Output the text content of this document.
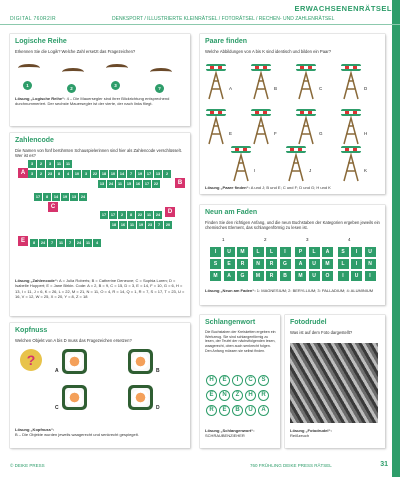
ERWACHSENENRÄTSEL
DIGITAL 760R2IR	DENKSPORT / ILLUSTRIERTE KLEINRÄTSEL / FOTORÄTSEL / RECHEN- UND ZAHLENRÄTSEL
Logische Reihe
Erkennen Sie die Logik? Welche Zahl ersetzt das Fragezeichen?
1
2
3
?
Lösung „Logische Reihe“: 4 – Die Mauersegler sind ihrer Blickrichtung entsprechend durchnummeriert. Der sechste Mauersegler ist der vierte, der nach links fliegt.
Paare finden
Welche Abbildungen von A bis K sind identisch und bilden ein Paar?
A	B	C	D
E	F	G	H
I	J	K
Lösung „Paare finden“: A und J; B und E; C und F; D und G; H und K
Zahlencode
Die Namen von fünf berühmten Schauspielerinnen sind hier als Zahlencode verschlüsselt. Wer ist es?
3 2 3 11 11
3 2 23 8 4 10 3 22 18 10 14 7 19 17 13 2
13 24 11 15 16 17 22
17 8 14 19 13 24
17 17 2 8 22 11 24
18 16 11 19 23 7 20
8 24 7 11 7 24 11 4
A
B
C
D
E
Lösung „Zahlencode“: A = Julia Roberts; B = Catherine Deneuve; C = Sophia Loren; D = Isabelle Huppert; E = Jane Birkin. Code: A = 2, B = 9, C = 15, D = 3, E = 14, F = 10, G = 6, H = 13, I = 11, J = 6, K = 26, L = 22, M = 21, N = 11, O = 4, R = 14, Q = 1, R = 7, S = 17, T = 23, U = 16, V = 12, W = 25, X = 20, Y = 8, Z = 18
Neun am Faden
Finden Sie den richtigen Anfang, und die neun Buchstaben der Kategorien ergeben jeweils ein chemisches Element, das schlangenförmig zu lesen ist.
1	2	3	4
I	U	M	L	L	I	P	L	A	S	I	U
S	E	R	N	R	G	A	U	M	L	I	N
M	A	G	M	R	B	M	U	O	I	U	I
Lösung „Neun am Faden“: 1: MAGNESIUM; 2: BERYLLIUM; 3: PALLADIUM; 4: ALUMINIUM
Kopfnuss
Welchen Objekt von A bis D muss das Fragezeichen ersetzen?
?
A	B
C	D
Lösung „Kopfnuss“:
B – Die Objekte wurden jeweils waagerecht und senkrecht gespiegelt.
Schlangenwort
Die Buchstaben der Kreisketten ergeben ein Werkzeug. Sie sind schlangenförmig zu lesen, der Teufel der nächstfolgenden lesen, waagerecht, oben auch senkrecht folgen. Den Anfang müssen sie selbst finden.
H	E	I	C	S
E	N	Z	H	R
R	E	B	U	A
Lösung „Schlangenwort“:
SCHRAUBENZIEHER
Fotodrudel
Was ist auf dem Foto dargestellt?
Lösung „Fotodrudel“:
Reißzeuch
© DEIKE PRESS	760 FRÜHLING DEIKE PRESS RÄTSEL	31
